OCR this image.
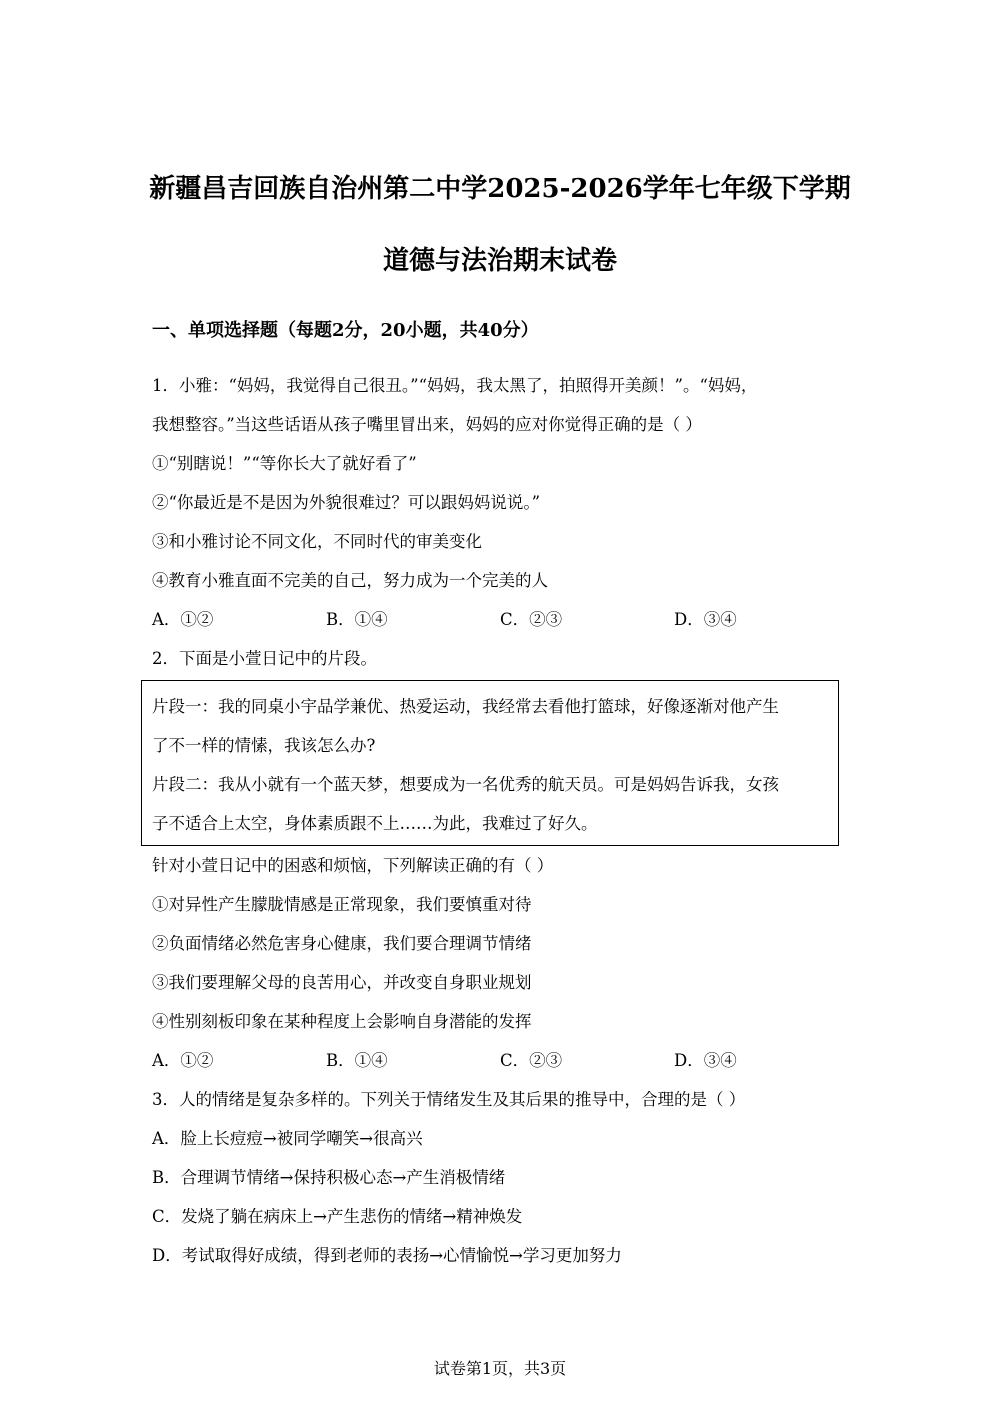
新疆昌吉回族自治州第二中学2025-2026学年七年级下学期
道德与法治期末试卷
一、单项选择题（每题2分，20小题，共40分）
1．小雅：“妈妈，我觉得自己很丑。”“妈妈，我太黑了，拍照得开美颜！”。“妈妈，
我想整容。”当这些话语从孩子嘴里冒出来，妈妈的应对你觉得正确的是（ ）
①“别瞎说！”“等你长大了就好看了”
②“你最近是不是因为外貌很难过？可以跟妈妈说说。”
③和小雅讨论不同文化，不同时代的审美变化
④教育小雅直面不完美的自己，努力成为一个完美的人
A．①②	B．①④	C．②③	D．③④
2．下面是小萱日记中的片段。
片段一：我的同桌小宇品学兼优、热爱运动，我经常去看他打篮球，好像逐渐对他产生
了不一样的情愫，我该怎么办?
片段二：我从小就有一个蓝天梦，想要成为一名优秀的航天员。可是妈妈告诉我，女孩
子不适合上太空，身体素质跟不上……为此，我难过了好久。
针对小萱日记中的困惑和烦恼，下列解读正确的有（ ）
①对异性产生朦胧情感是正常现象，我们要慎重对待
②负面情绪必然危害身心健康，我们要合理调节情绪
③我们要理解父母的良苦用心，并改变自身职业规划
④性别刻板印象在某种程度上会影响自身潜能的发挥
A．①②	B．①④	C．②③	D．③④
3．人的情绪是复杂多样的。下列关于情绪发生及其后果的推导中，合理的是（ ）
A．脸上长痘痘→被同学嘲笑→很高兴
B．合理调节情绪→保持积极心态→产生消极情绪
C．发烧了躺在病床上→产生悲伤的情绪→精神焕发
D．考试取得好成绩，得到老师的表扬→心情愉悦→学习更加努力
试卷第1页，共3页
